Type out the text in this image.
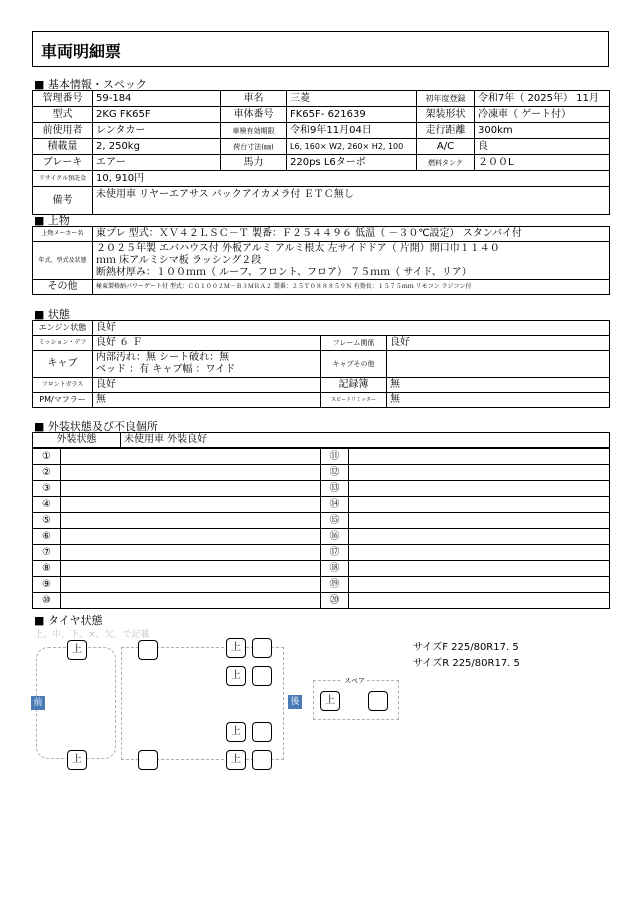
車両明細票
■ 基本情報・スペック
管理番号	59-184	車名	三菱	初年度登録	令和7年（ 2025年） 11月
型式	2KG FK65F	車体番号	FK65F- 621639	架装形状	冷凍車（ ゲート付）
前使用者	レンタカー	車検有効期限	令和9年11月04日	走行距離	300km
積載量	2, 250kg	荷台寸法(㎜)	L6, 160× W2, 260× H2, 100	A/C	良
ブレーキ	エアー	馬力	220ps L6ターボ	燃料タンク	２００L
リサイクル預託金	10, 910円				
備考	未使用車 リヤーエアサス バックアイカメラ付 ＥＴＣ無し				
■ 上物
上物メーカー名	東プレ 型式：ＸＶ４２ＬＳＣ－Ｔ 製番：Ｆ２５４４９６ 低温（ －３０℃設定） スタンバイ付
年式、型式及状態	２０２５年製 エバハウス付 外板アルミ アルミ根太 左サイドドア（ 片開）開口巾１１４０
ｍｍ 床アルミシマ板 ラッシング２段
断熱材厚み：１００ｍｍ（ ルーフ、フロント、フロア） ７５ｍｍ（ サイド、リア）

その他	極東製格納パワーゲート付 型式：ＣＧ１００２Ｍ－Ｂ３ＭＲＡ２ 製番：２５Ｔ０８８８５９Ｎ 有効長：１５７５ｍｍ リモコン ラジコン付
■ 状態
エンジン状態	良好		
ミッション・デフ	良好 ６ Ｆ	フレーム関係	良好
キャブ	内部汚れ：無 シート破れ：無
ベッド ：有 キャブ幅 ：ワイド	キャブその他	
フロントガラス	良好	記録簿	無
PM/マフラー	無	スピードリミッター	無
■ 外装状態及び不良個所
外装状態	未使用車 外装良好
①		⑪	
②		⑫	
③		⑬	
④		⑭	
⑤		⑮	
⑥		⑯	
⑦		⑰	
⑧		⑱	
⑨		⑲	
⑩		⑳	
■ タイヤ状態
上、中、下、×、欠、で記載
前	後
上
上
上
上
上
上
スペア
上
サイズF 225/80R17. 5
サイズR 225/80R17. 5
